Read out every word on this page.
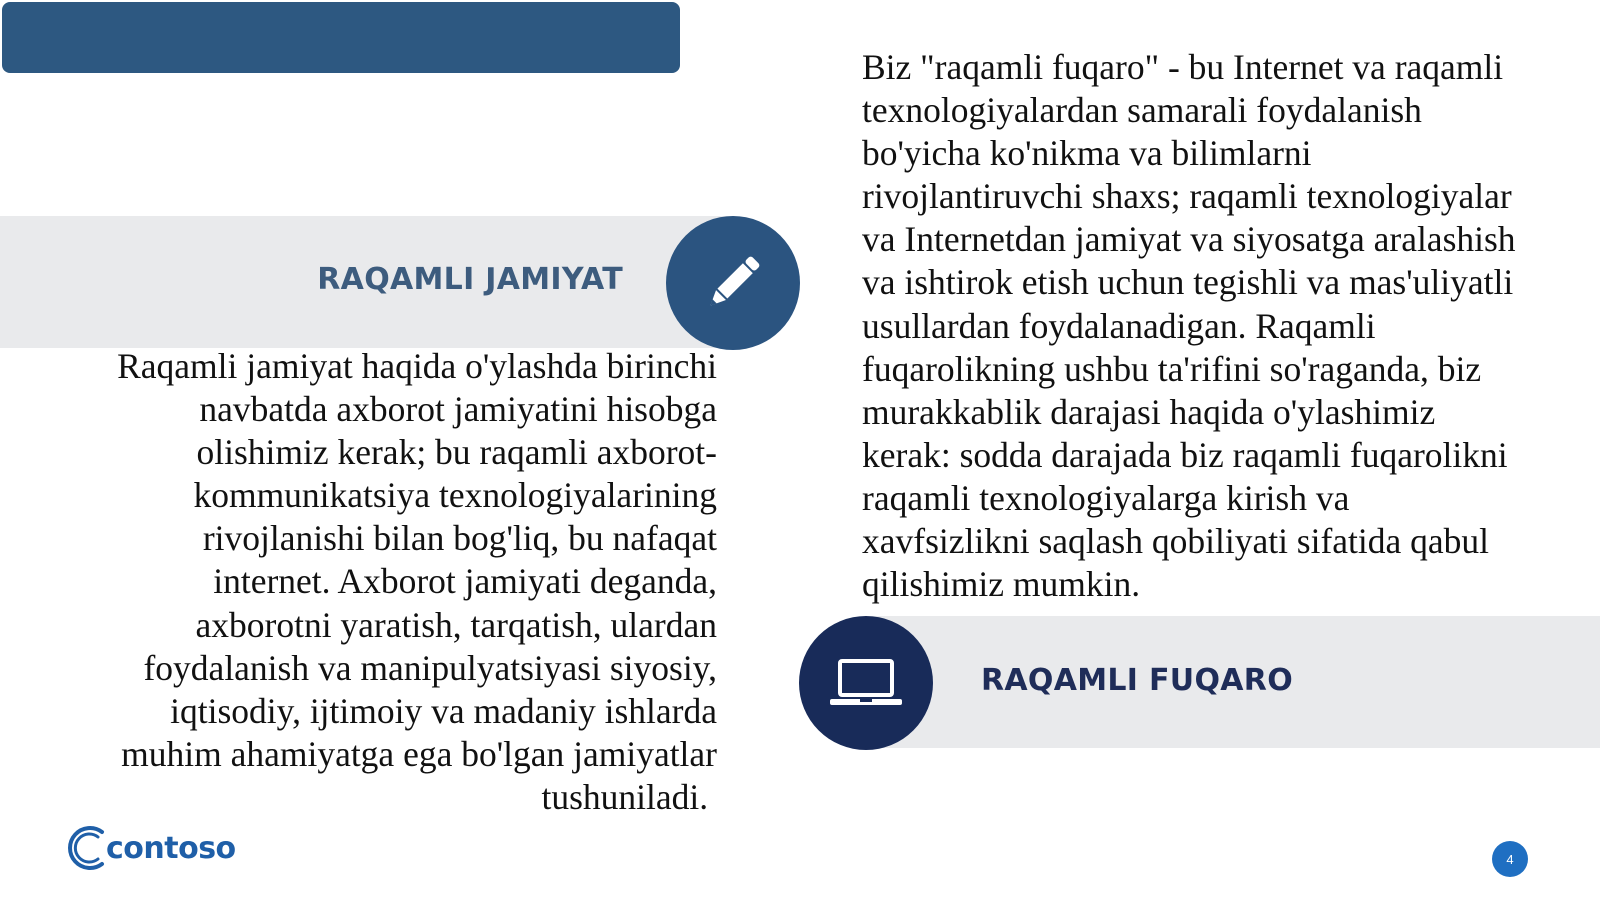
RAQAMLI JAMIYAT
Raqamli jamiyat haqida o'ylashda birinchi
navbatda axborot jamiyatini hisobga
olishimiz kerak; bu raqamli axborot-
kommunikatsiya texnologiyalarining
rivojlanishi bilan bog'liq, bu nafaqat
internet. Axborot jamiyati deganda,
axborotni yaratish, tarqatish, ulardan
foydalanish va manipulyatsiyasi siyosiy,
iqtisodiy, ijtimoiy va madaniy ishlarda
muhim ahamiyatga ega bo'lgan jamiyatlar
tushuniladi.
Biz "raqamli fuqaro" - bu Internet va raqamli
texnologiyalardan samarali foydalanish
bo'yicha ko'nikma va bilimlarni
rivojlantiruvchi shaxs; raqamli texnologiyalar
va Internetdan jamiyat va siyosatga aralashish
va ishtirok etish uchun tegishli va mas'uliyatli
usullardan foydalanadigan. Raqamli
fuqarolikning ushbu ta'rifini so'raganda, biz
murakkablik darajasi haqida o'ylashimiz
kerak: sodda darajada biz raqamli fuqarolikni
raqamli texnologiyalarga kirish va
xavfsizlikni saqlash qobiliyati sifatida qabul
qilishimiz mumkin.
RAQAMLI FUQARO
contoso	4
